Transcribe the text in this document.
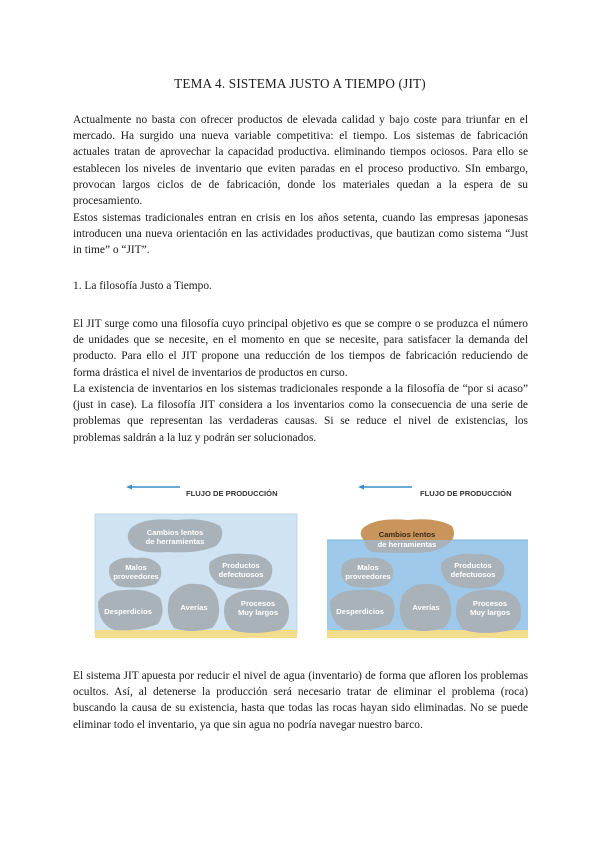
TEMA 4. SISTEMA JUSTO A TIEMPO (JIT)

Actualmente no basta con ofrecer productos de elevada calidad y bajo coste para triunfar en el mercado. Ha surgido una nueva variable competitiva: el tiempo. Los sistemas de fabricación actuales tratan de aprovechar la capacidad productiva. eliminando tiempos ociosos. Para ello se establecen los niveles de inventario que eviten paradas en el proceso productivo. SIn embargo, provocan largos ciclos de de fabricación, donde los materiales quedan a la espera de su procesamiento.

Estos sistemas tradicionales entran en crisis en los años setenta, cuando las empresas japonesas introducen una nueva orientación en las actividades productivas, que bautizan como sistema “Just in time” o “JIT”.

1. La filosofía Justo a Tiempo.

El JIT surge como una filosofía cuyo principal objetivo es que se compre o se produzca el número de unidades que se necesite, en el momento en que se necesite, para satisfacer la demanda del producto. Para ello el JIT propone una reducción de los tiempos de fabricación reduciendo de forma drástica el nivel de inventarios de productos en curso.

La existencia de inventarios en los sistemas tradicionales responde a la filosofía de “por si acaso” (just in case). La filosofía JIT considera a los inventarios como la consecuencia de una serie de problemas que representan las verdaderas causas. Si se reduce el nivel de existencias, los problemas saldrán a la luz y podrán ser solucionados.

FLUJO DE PRODUCCIÓN
Cambios lentos
de herramientas
Malos
proveedores
Productos
defectuosos
Desperdicios	Averías	Procesos
Muy largos
FLUJO DE PRODUCCIÓN
Cambios lentos
de herramientas
Malos
proveedores
Productos
defectuosos
Desperdicios	Averías	Procesos
Muy largos

El sistema JIT apuesta por reducir el nivel de agua (inventario) de forma que afloren los problemas ocultos. Así, al detenerse la producción será necesario tratar de eliminar el problema (roca) buscando la causa de su existencia, hasta que todas las rocas hayan sido eliminadas. No se puede eliminar todo el inventario, ya que sin agua no podría navegar nuestro barco.
